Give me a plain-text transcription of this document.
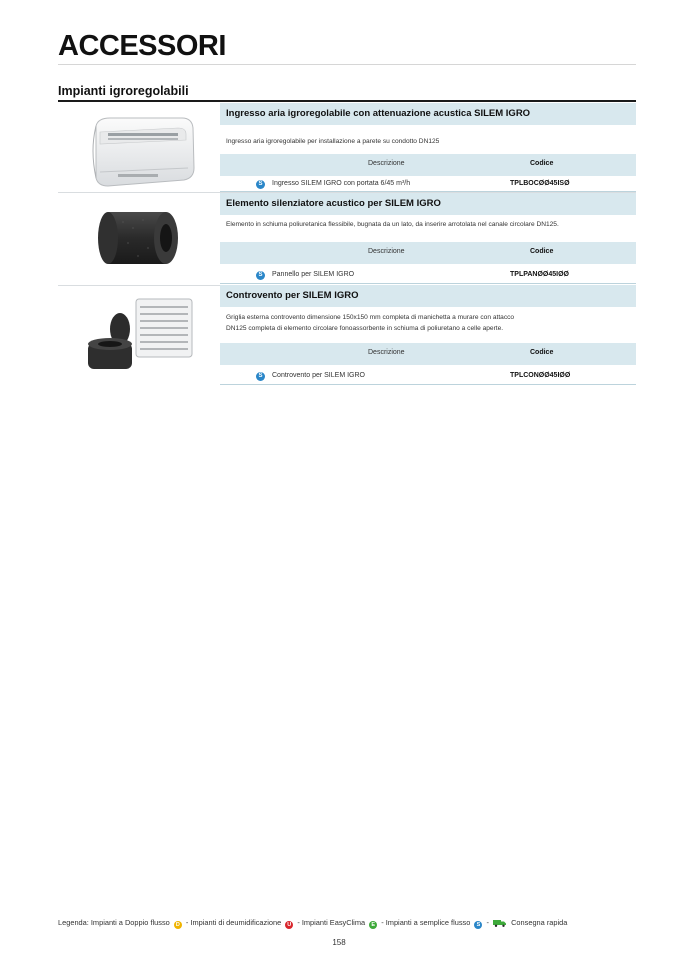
ACCESSORI
Impianti igroregolabili
Ingresso aria igroregolabile con attenuazione acustica SILEM IGRO
Ingresso aria igroregolabile per installazione a parete su condotto DN125
Descrizione	Codice
S	Ingresso SILEM IGRO con portata 6/45 m³/h	TPLBOCØØ45ISØ
Elemento silenziatore acustico per SILEM IGRO
Elemento in schiuma poliuretanica flessibile, bugnata da un lato, da inserire arrotolata nel canale circolare DN125.
Descrizione	Codice
S	Pannello per SILEM IGRO	TPLPANØØ45IØØ
Controvento per SILEM IGRO
Griglia esterna controvento dimensione 150x150 mm completa di manichetta a murare con attacco
DN125 completa di elemento circolare fonoassorbente in schiuma di poliuretano a celle aperte.
Descrizione	Codice
S	Controvento per SILEM IGRO	TPLCONØØ45IØØ
Legenda: Impianti a Doppio flusso D - Impianti di deumidificazione U - Impianti EasyClima E - Impianti a semplice flusso S -	Consegna rapida
158
